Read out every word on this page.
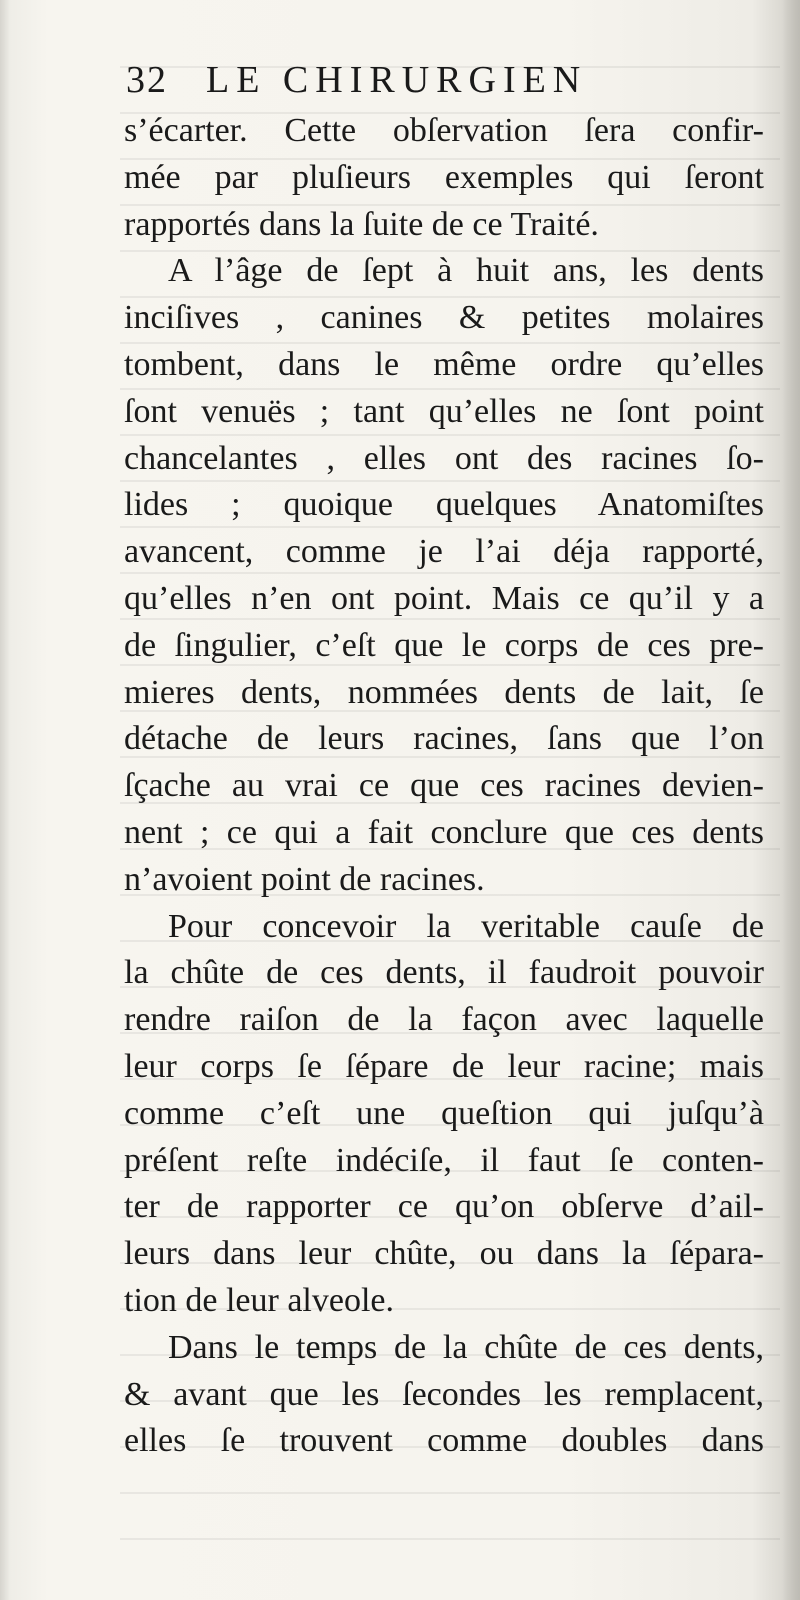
32 LE CHIRURGIEN
s’écarter. Cette obſervation ſera confir-
mée par pluſieurs exemples qui ſeront
rapportés dans la ſuite de ce Traité.
A l’âge de ſept à huit ans, les dents
inciſives , canines & petites molaires
tombent, dans le même ordre qu’elles
ſont venuës ; tant qu’elles ne ſont point
chancelantes , elles ont des racines ſo-
lides ; quoique quelques Anatomiſtes
avancent, comme je l’ai déja rapporté,
qu’elles n’en ont point. Mais ce qu’il y a
de ſingulier, c’eſt que le corps de ces pre-
mieres dents, nommées dents de lait, ſe
détache de leurs racines, ſans que l’on
ſçache au vrai ce que ces racines devien-
nent ; ce qui a fait conclure que ces dents
n’avoient point de racines.
Pour concevoir la veritable cauſe de
la chûte de ces dents, il faudroit pouvoir
rendre raiſon de la façon avec laquelle
leur corps ſe ſépare de leur racine; mais
comme c’eſt une queſtion qui juſqu’à
préſent reſte indéciſe, il faut ſe conten-
ter de rapporter ce qu’on obſerve d’ail-
leurs dans leur chûte, ou dans la ſépara-
tion de leur alveole.
Dans le temps de la chûte de ces dents,
& avant que les ſecondes les remplacent,
elles ſe trouvent comme doubles dans
